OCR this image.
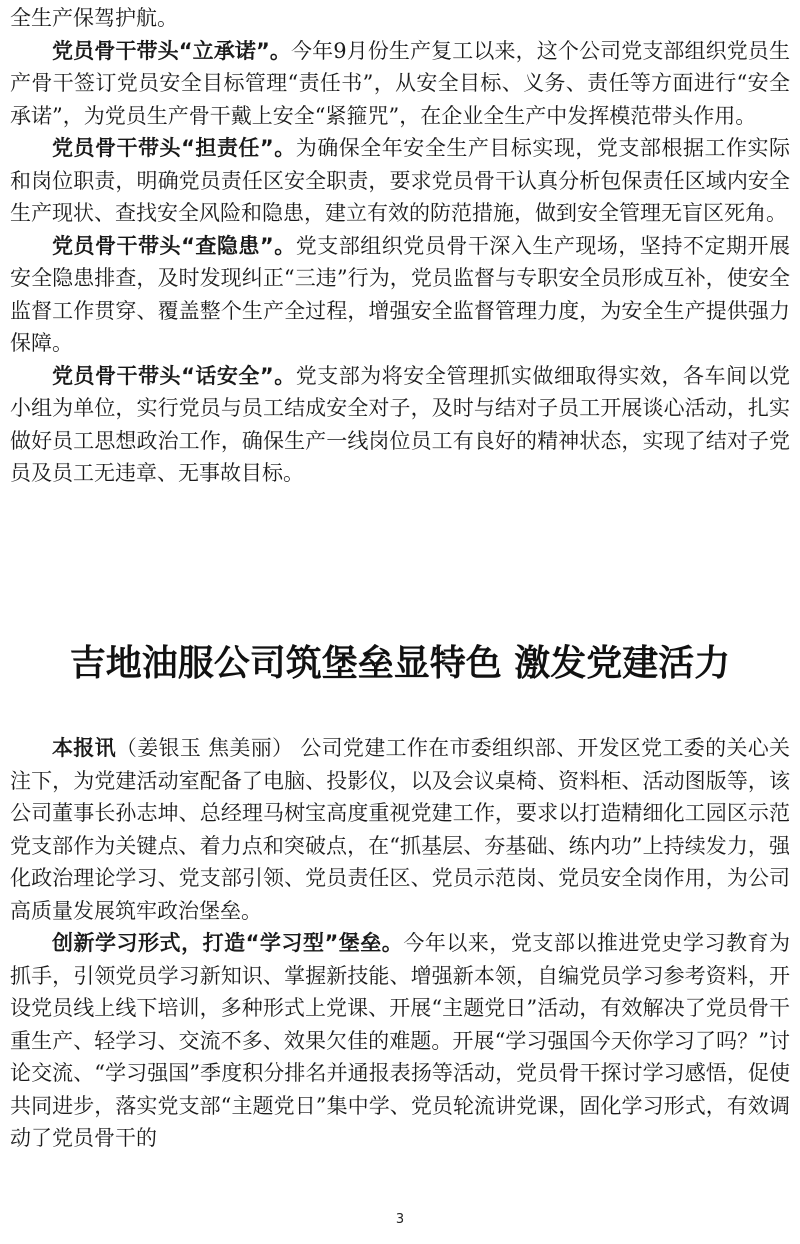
全生产保驾护航。

党员骨干带头“立承诺”。今年9月份生产复工以来，这个公司党支部组织党员生产骨干签订党员安全目标管理“责任书”，从安全目标、义务、责任等方面进行“安全承诺”，为党员生产骨干戴上安全“紧箍咒”，在企业全生产中发挥模范带头作用。

党员骨干带头“担责任”。为确保全年安全生产目标实现，党支部根据工作实际和岗位职责，明确党员责任区安全职责，要求党员骨干认真分析包保责任区域内安全生产现状、查找安全风险和隐患，建立有效的防范措施，做到安全管理无盲区死角。

党员骨干带头“查隐患”。党支部组织党员骨干深入生产现场，坚持不定期开展安全隐患排查，及时发现纠正“三违”行为，党员监督与专职安全员形成互补，使安全监督工作贯穿、覆盖整个生产全过程，增强安全监督管理力度，为安全生产提供强力保障。

党员骨干带头“话安全”。党支部为将安全管理抓实做细取得实效，各车间以党小组为单位，实行党员与员工结成安全对子，及时与结对子员工开展谈心活动，扎实做好员工思想政治工作，确保生产一线岗位员工有良好的精神状态，实现了结对子党员及员工无违章、无事故目标。

吉地油服公司筑堡垒显特色 激发党建活力

本报讯（姜银玉 焦美丽） 公司党建工作在市委组织部、开发区党工委的关心关注下，为党建活动室配备了电脑、投影仪，以及会议桌椅、资料柜、活动图版等，该公司董事长孙志坤、总经理马树宝高度重视党建工作，要求以打造精细化工园区示范党支部作为关键点、着力点和突破点，在“抓基层、夯基础、练内功”上持续发力，强化政治理论学习、党支部引领、党员责任区、党员示范岗、党员安全岗作用，为公司高质量发展筑牢政治堡垒。

创新学习形式，打造“学习型”堡垒。今年以来，党支部以推进党史学习教育为抓手，引领党员学习新知识、掌握新技能、增强新本领，自编党员学习参考资料，开设党员线上线下培训，多种形式上党课、开展“主题党日”活动，有效解决了党员骨干重生产、轻学习、交流不多、效果欠佳的难题。开展“学习强国今天你学习了吗？”讨论交流、“学习强国”季度积分排名并通报表扬等活动，党员骨干探讨学习感悟，促使共同进步，落实党支部“主题党日”集中学、党员轮流讲党课，固化学习形式，有效调动了党员骨干的

3
